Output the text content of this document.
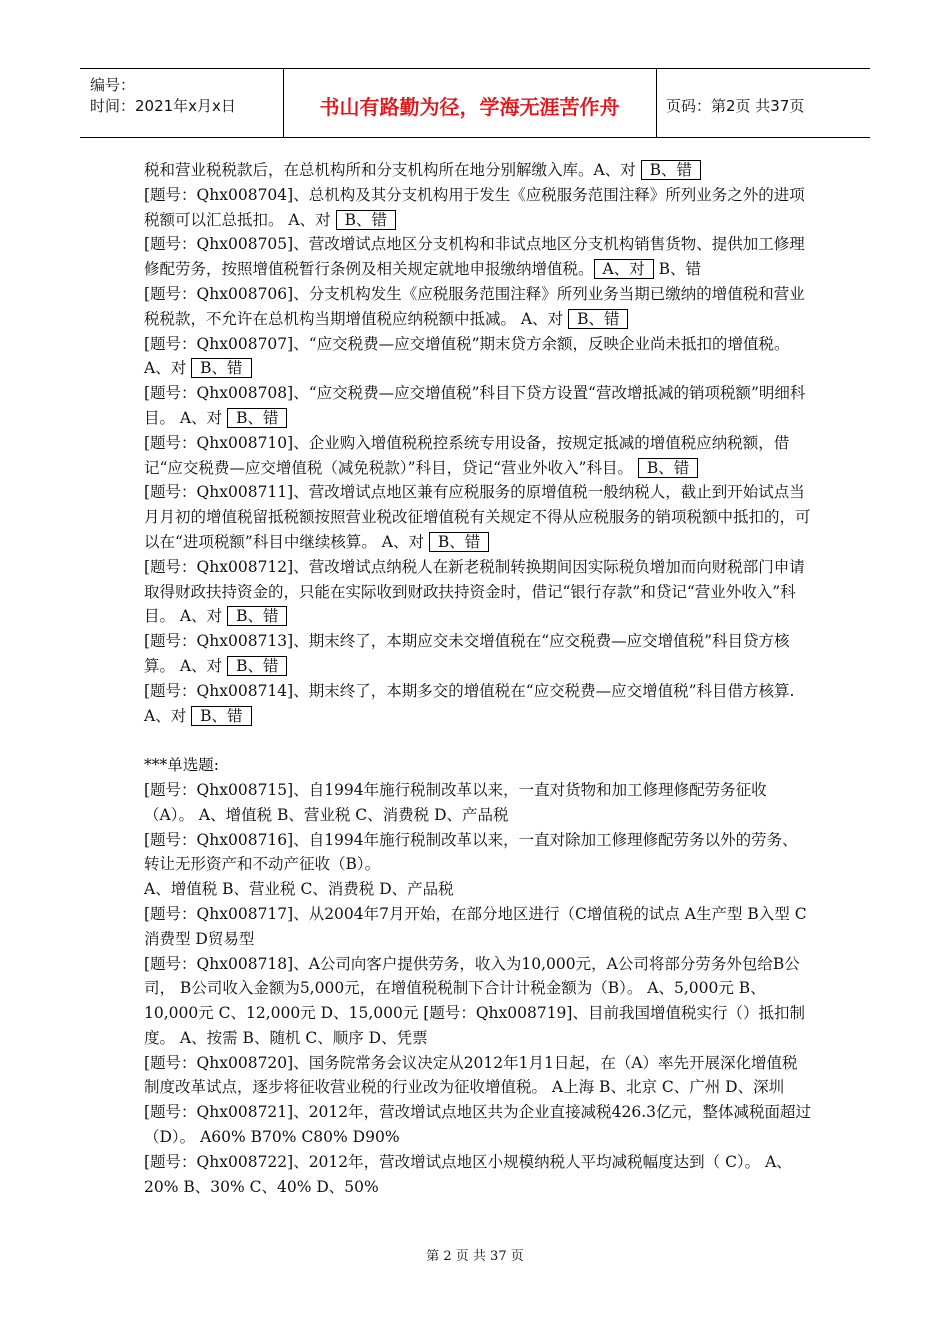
编号：
时间：2021年x月x日	书山有路勤为径，学海无涯苦作舟	页码：第2页 共37页

税和营业税税款后，在总机构所和分支机构所在地分别解缴入库。A、对 B、错

[题号：Qhx008704]、总机构及其分支机构用于发生《应税服务范围注释》所列业务之外的进项税额可以汇总抵扣。 A、对 B、错

[题号：Qhx008705]、营改增试点地区分支机构和非试点地区分支机构销售货物、提供加工修理修配劳务，按照增值税暂行条例及相关规定就地申报缴纳增值税。 A、对 B、错

[题号：Qhx008706]、分支机构发生《应税服务范围注释》所列业务当期已缴纳的增值税和营业税税款，不允许在总机构当期增值税应纳税额中抵减。 A、对 B、错

[题号：Qhx008707]、“应交税费—应交增值税”期末贷方余额，反映企业尚未抵扣的增值税。 A、对 B、错

[题号：Qhx008708]、“应交税费—应交增值税”科目下贷方设置“营改增抵减的销项税额”明细科目。 A、对 B、错

[题号：Qhx008710]、企业购入增值税税控系统专用设备，按规定抵减的增值税应纳税额，借记“应交税费—应交增值税（减免税款）”科目，贷记“营业外收入”科目。 B、错

[题号：Qhx008711]、营改增试点地区兼有应税服务的原增值税一般纳税人，截止到开始试点当月月初的增值税留抵税额按照营业税改征增值税有关规定不得从应税服务的销项税额中抵扣的，可以在“进项税额”科目中继续核算。 A、对 B、错

[题号：Qhx008712]、营改增试点纳税人在新老税制转换期间因实际税负增加而向财税部门申请取得财政扶持资金的，只能在实际收到财政扶持资金时，借记“银行存款”和贷记“营业外收入”科目。 A、对 B、错

[题号：Qhx008713]、期末终了，本期应交未交增值税在“应交税费—应交增值税”科目贷方核算。 A、对 B、错

[题号：Qhx008714]、期末终了，本期多交的增值税在“应交税费—应交增值税”科目借方核算. A、对 B、错

***单选题:

[题号：Qhx008715]、自1994年施行税制改革以来，一直对货物和加工修理修配劳务征收（A）。 A、增值税 B、营业税 C、消费税 D、产品税

[题号：Qhx008716]、自1994年施行税制改革以来，一直对除加工修理修配劳务以外的劳务、转让无形资产和不动产征收（B）。

A、增值税 B、营业税 C、消费税 D、产品税

[题号：Qhx008717]、从2004年7月开始，在部分地区进行（C增值税的试点 A生产型 B入型 C消费型 D贸易型

[题号：Qhx008718]、A公司向客户提供劳务，收入为10,000元，A公司将部分劳务外包给B公司， B公司收入金额为5,000元，在增值税税制下合计计税金额为（B）。 A、5,000元 B、10,000元 C、12,000元 D、15,000元 [题号：Qhx008719]、目前我国增值税实行（）抵扣制度。 A、按需 B、随机 C、顺序 D、凭票

[题号：Qhx008720]、国务院常务会议决定从2012年1月1日起，在（A）率先开展深化增值税制度改革试点，逐步将征收营业税的行业改为征收增值税。 A上海 B、北京 C、广州 D、深圳

[题号：Qhx008721]、2012年，营改增试点地区共为企业直接减税426.3亿元，整体减税面超过（D）。 A60% B70% C80% D90%

[题号：Qhx008722]、2012年，营改增试点地区小规模纳税人平均减税幅度达到（ C）。 A、20% B、30% C、40% D、50%

第 2 页 共 37 页
